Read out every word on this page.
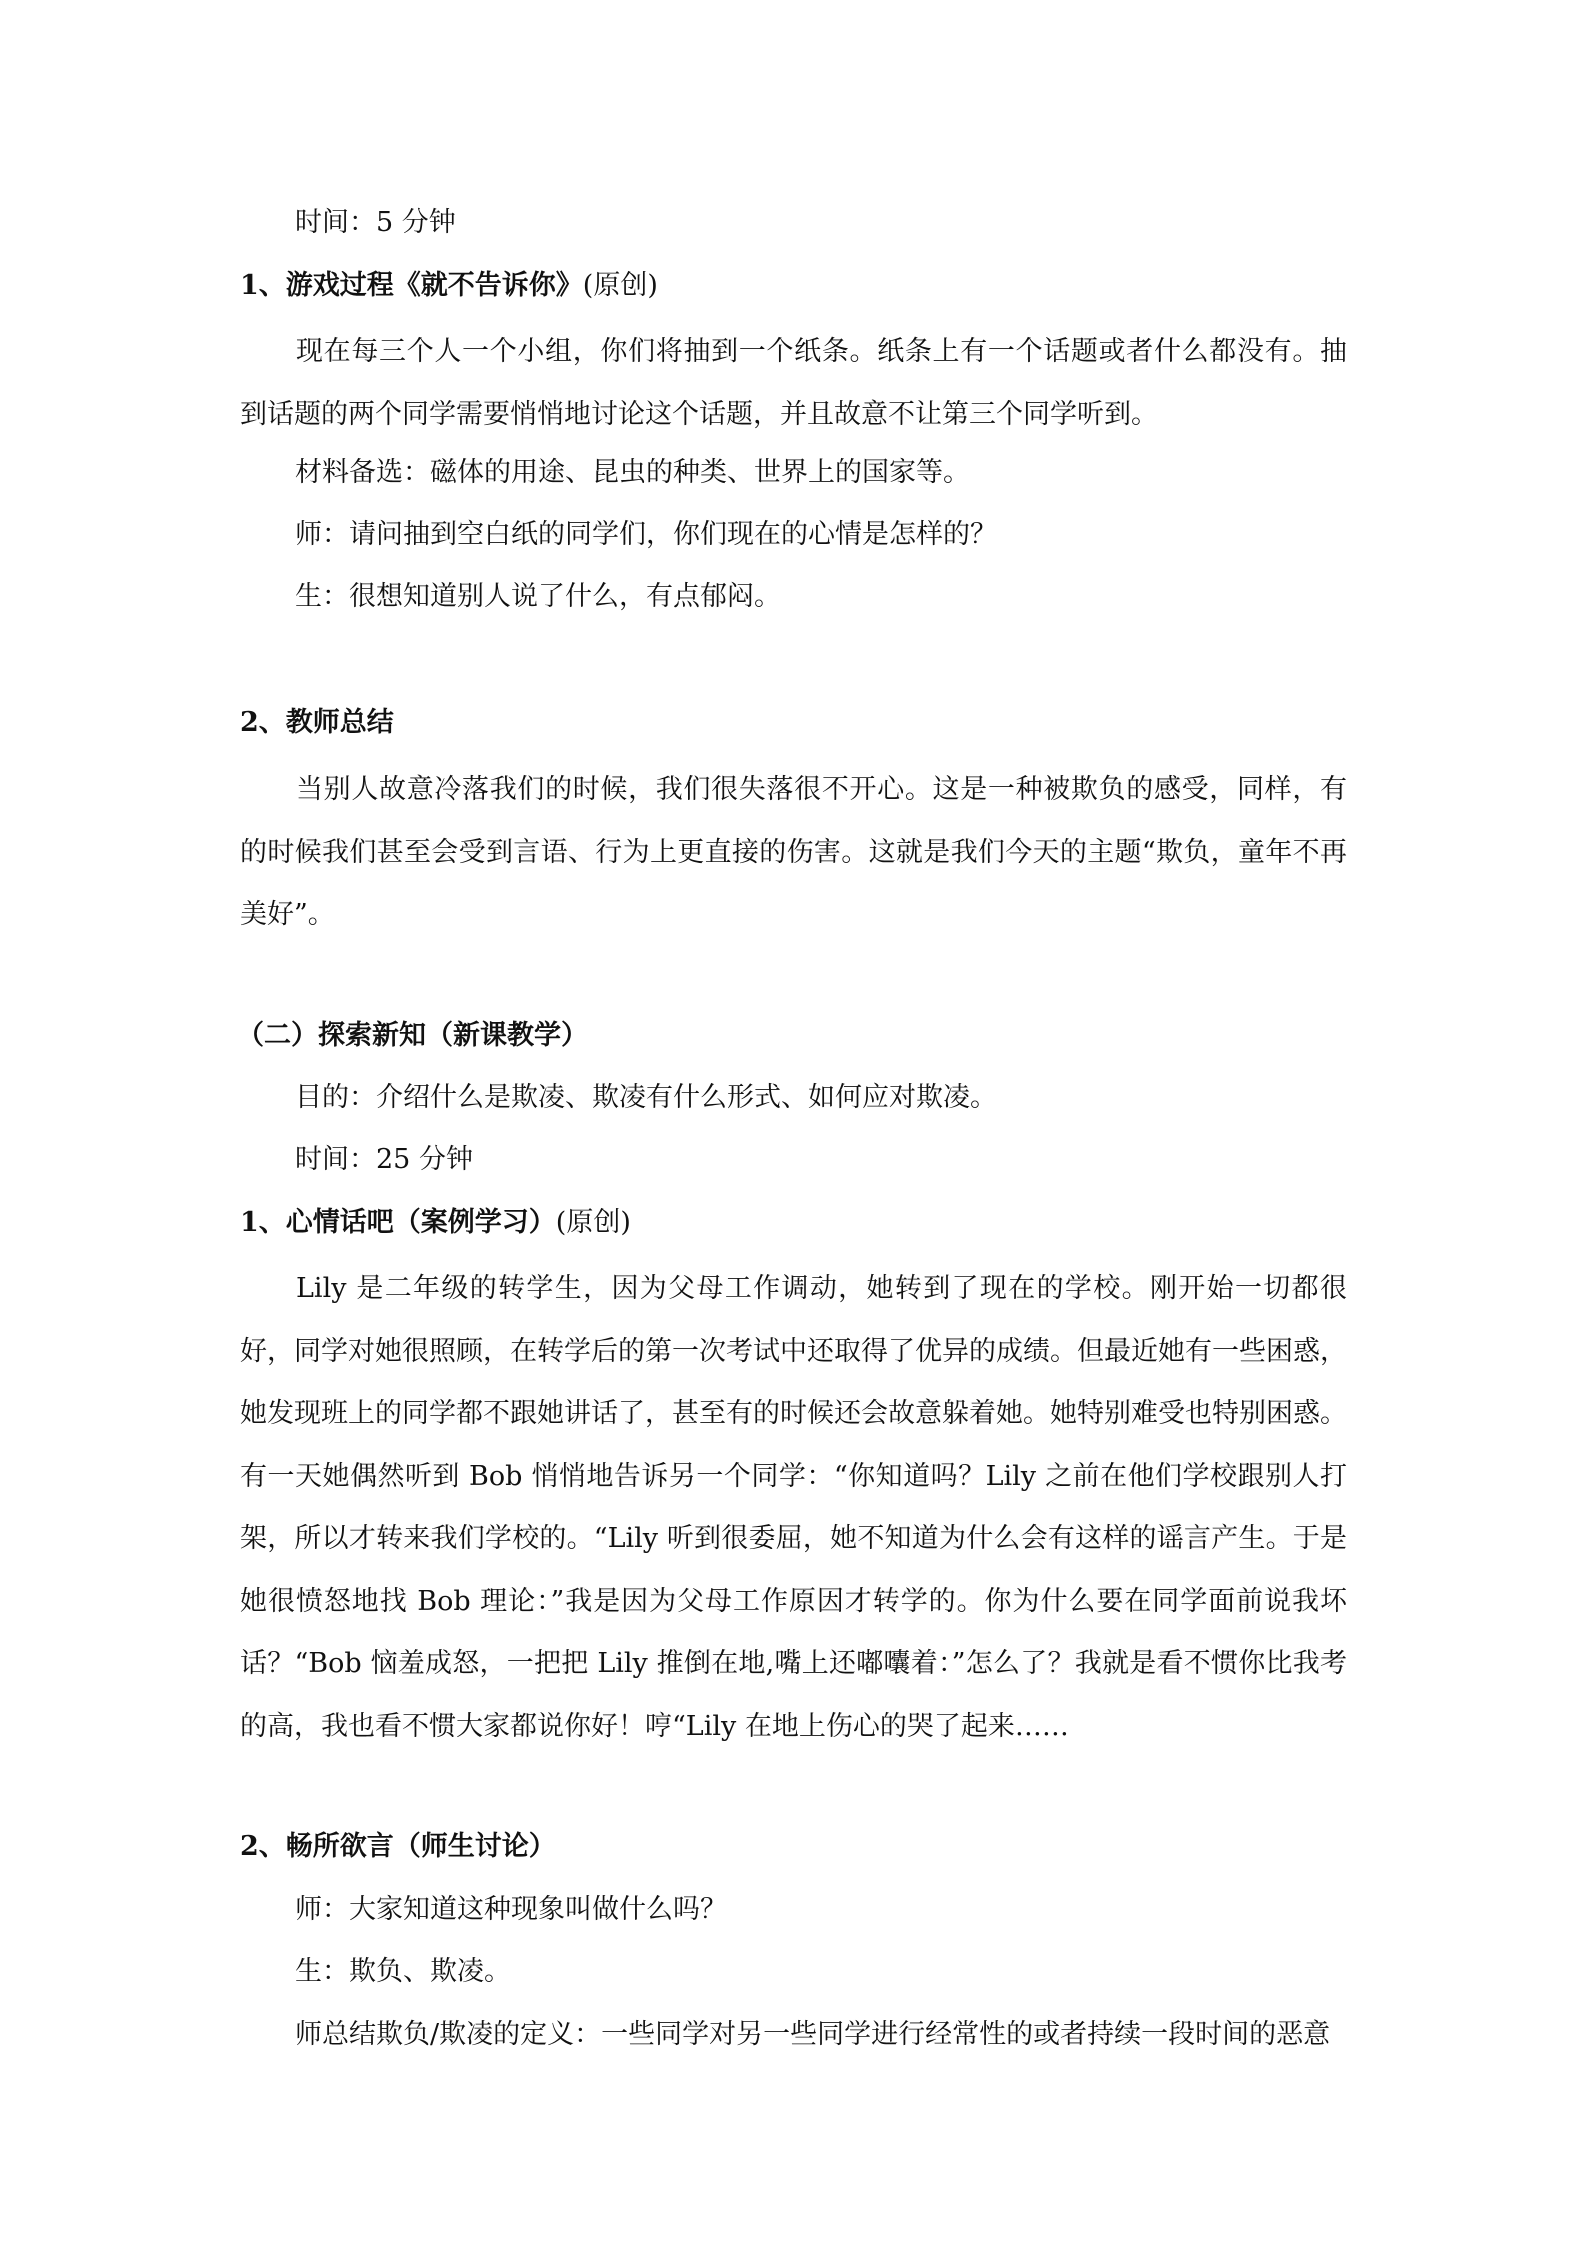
时间：5 分钟
1、游戏过程《就不告诉你》(原创)

现在每三个人一个小组，你们将抽到一个纸条。纸条上有一个话题或者什么都没有。抽到话题的两个同学需要悄悄地讨论这个话题，并且故意不让第三个同学听到。

材料备选：磁体的用途、昆虫的种类、世界上的国家等。
师：请问抽到空白纸的同学们，你们现在的心情是怎样的？
生：很想知道别人说了什么，有点郁闷。
2、教师总结

当别人故意冷落我们的时候，我们很失落很不开心。这是一种被欺负的感受，同样，有的时候我们甚至会受到言语、行为上更直接的伤害。这就是我们今天的主题“欺负，童年不再美好”。

（二）探索新知（新课教学）
目的：介绍什么是欺凌、欺凌有什么形式、如何应对欺凌。
时间：25 分钟
1、心情话吧（案例学习）(原创)

Lily 是二年级的转学生，因为父母工作调动，她转到了现在的学校。刚开始一切都很好，同学对她很照顾，在转学后的第一次考试中还取得了优异的成绩。但最近她有一些困惑，她发现班上的同学都不跟她讲话了，甚至有的时候还会故意躲着她。她特别难受也特别困惑。有一天她偶然听到 Bob 悄悄地告诉另一个同学：“你知道吗？Lily 之前在他们学校跟别人打架，所以才转来我们学校的。“Lily 听到很委屈，她不知道为什么会有这样的谣言产生。于是她很愤怒地找 Bob 理论：”我是因为父母工作原因才转学的。你为什么要在同学面前说我坏话？“Bob 恼羞成怒，一把把 Lily 推倒在地,嘴上还嘟囔着：”怎么了？我就是看不惯你比我考的高，我也看不惯大家都说你好！哼“Lily 在地上伤心的哭了起来……

2、畅所欲言（师生讨论）
师：大家知道这种现象叫做什么吗？
生：欺负、欺凌。
师总结欺负/欺凌的定义：一些同学对另一些同学进行经常性的或者持续一段时间的恶意
